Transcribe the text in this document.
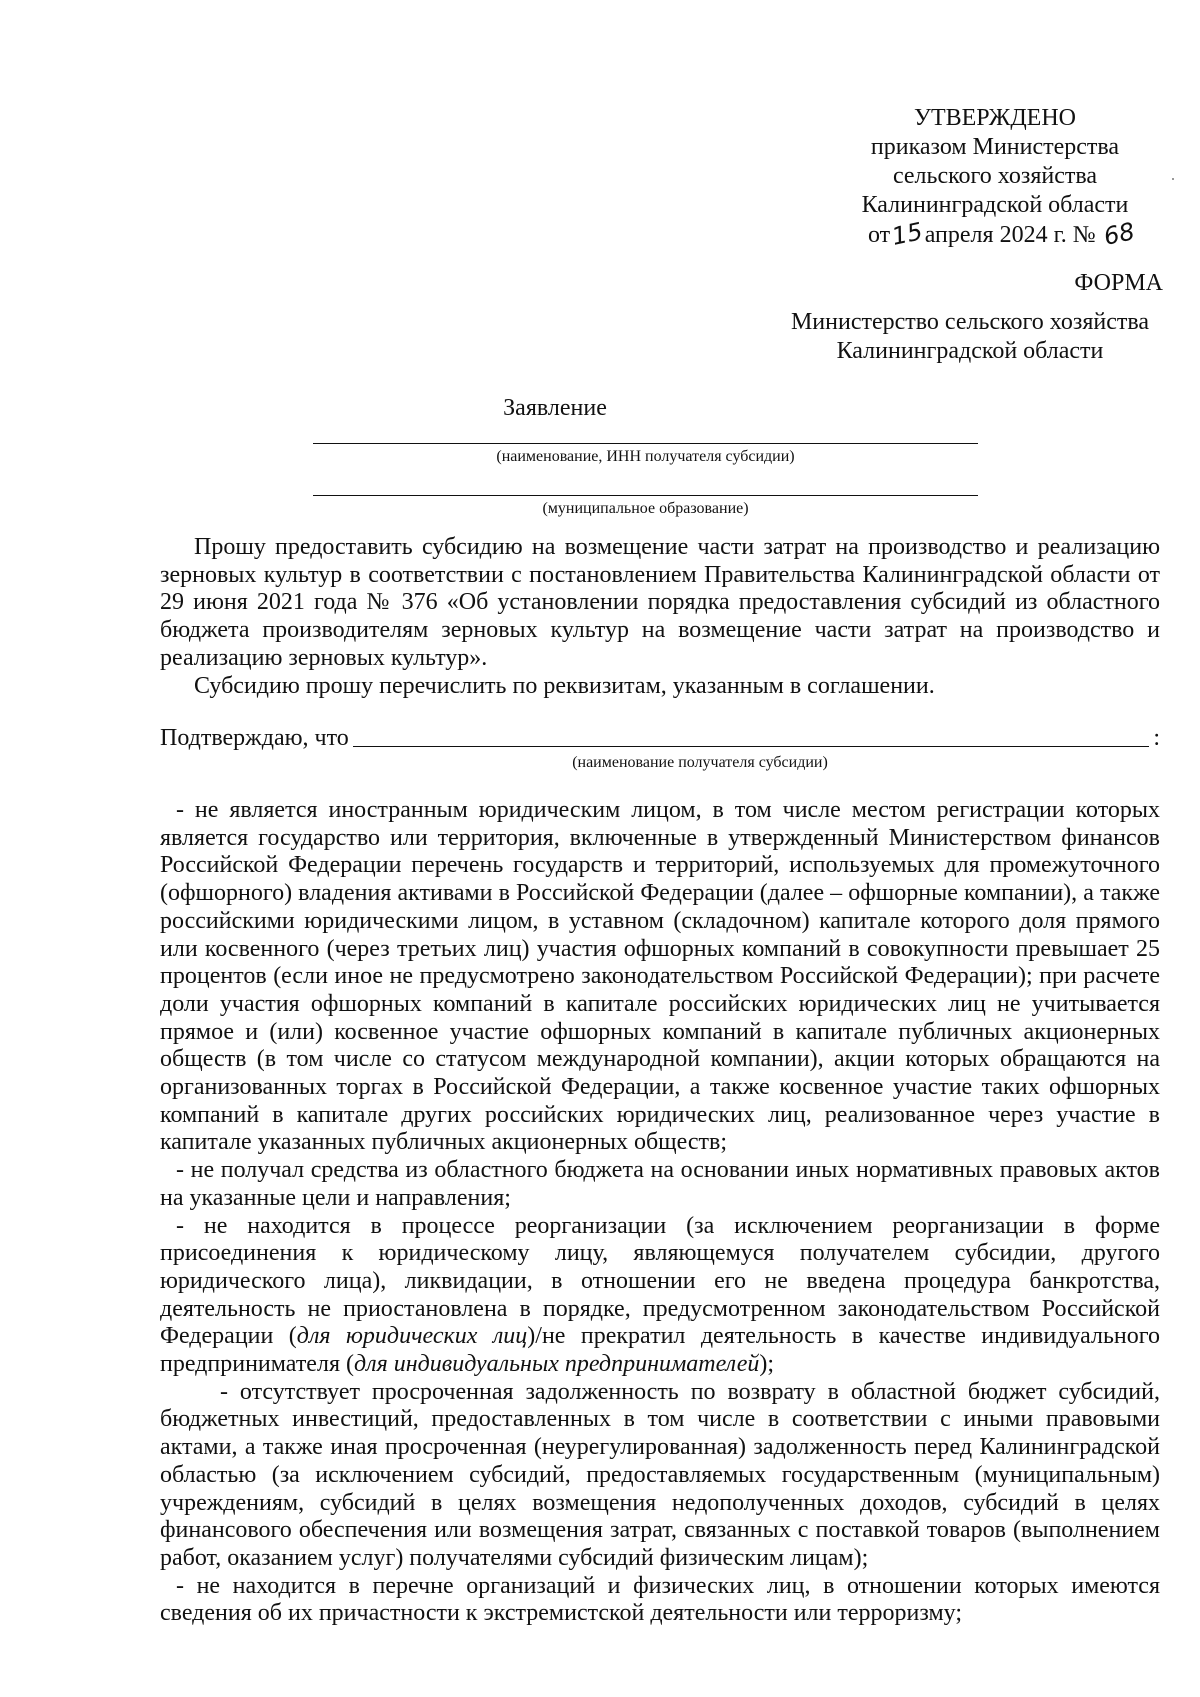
УТВЕРЖДЕНО
приказом Министерства
сельского хозяйства
Калининградской области
от15апреля 2024 г. № 68
ФОРМА
Министерство сельского хозяйства
Калининградской области
Заявление
(наименование, ИНН получателя субсидии)
(муниципальное образование)

Прошу предоставить субсидию на возмещение части затрат на производство и реализацию зерновых культур в соответствии с постановлением Правительства Калининградской области от 29 июня 2021 года № 376 «Об установлении порядка предоставления субсидий из областного бюджета производителям зерновых культур на возмещение части затрат на производство и реализацию зерновых культур».

Субсидию прошу перечислить по реквизитам, указанным в соглашении.

Подтверждаю, что	:
(наименование получателя субсидии)

- не является иностранным юридическим лицом, в том числе местом регистрации которых является государство или территория, включенные в утвержденный Министерством финансов Российской Федерации перечень государств и территорий, используемых для промежуточного (офшорного) владения активами в Российской Федерации (далее – офшорные компании), а также российскими юридическими лицом, в уставном (складочном) капитале которого доля прямого или косвенного (через третьих лиц) участия офшорных компаний в совокупности превышает 25 процентов (если иное не предусмотрено законодательством Российской Федерации); при расчете доли участия офшорных компаний в капитале российских юридических лиц не учитывается прямое и (или) косвенное участие офшорных компаний в капитале публичных акционерных обществ (в том числе со статусом международной компании), акции которых обращаются на организованных торгах в Российской Федерации, а также косвенное участие таких офшорных компаний в капитале других российских юридических лиц, реализованное через участие в капитале указанных публичных акционерных обществ;

- не получал средства из областного бюджета на основании иных нормативных правовых актов на указанные цели и направления;

- не находится в процессе реорганизации (за исключением реорганизации в форме присоединения к юридическому лицу, являющемуся получателем субсидии, другого юридического лица), ликвидации, в отношении его не введена процедура банкротства, деятельность не приостановлена в порядке, предусмотренном законодательством Российской Федерации (для юридических лиц)/не прекратил деятельность в качестве индивидуального предпринимателя (для индивидуальных предпринимателей);

- отсутствует просроченная задолженность по возврату в областной бюджет субсидий, бюджетных инвестиций, предоставленных в том числе в соответствии с иными правовыми актами, а также иная просроченная (неурегулированная) задолженность перед Калининградской областью (за исключением субсидий, предоставляемых государственным (муниципальным) учреждениям, субсидий в целях возмещения недополученных доходов, субсидий в целях финансового обеспечения или возмещения затрат, связанных с поставкой товаров (выполнением работ, оказанием услуг) получателями субсидий физическим лицам);

- не находится в перечне организаций и физических лиц, в отношении которых имеются сведения об их причастности к экстремистской деятельности или терроризму;
